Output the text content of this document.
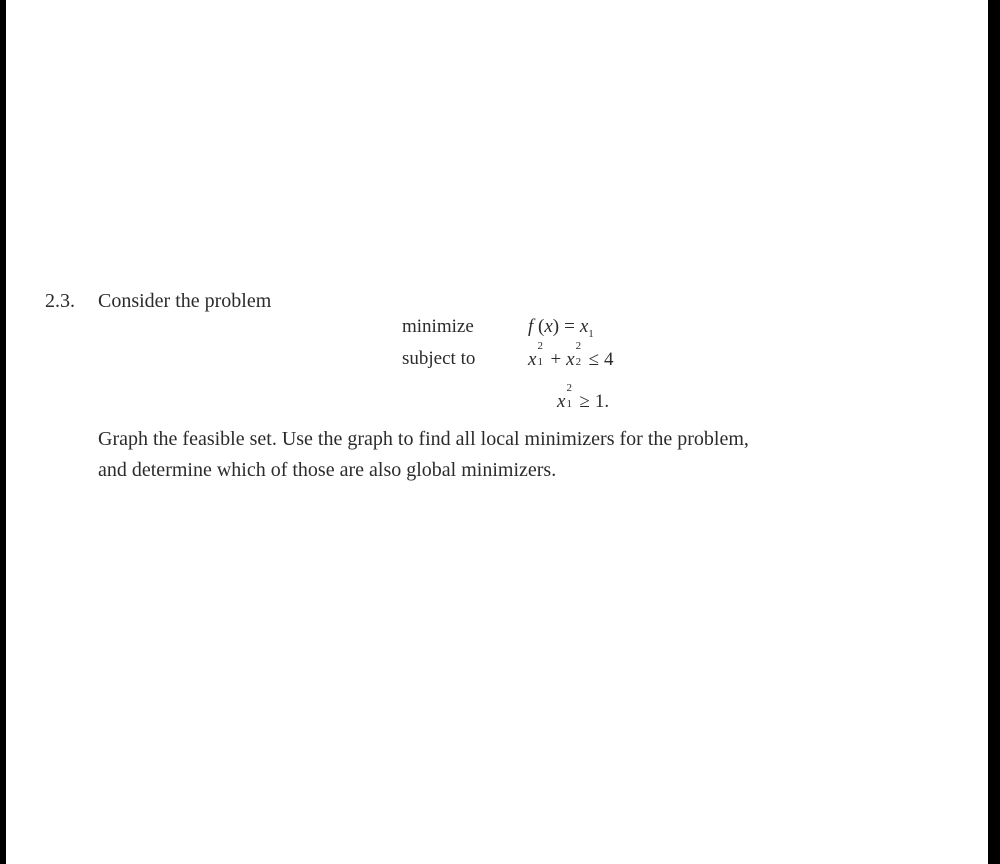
2.3. Consider the problem
minimize
subject to
f $(x) = x_1$
x
2
1 + x
2
2 ≤ 4
x
2
1 ≥ 1.
Graph the feasible set. Use the graph to find all local minimizers for the problem,
and determine which of those are also global minimizers.
